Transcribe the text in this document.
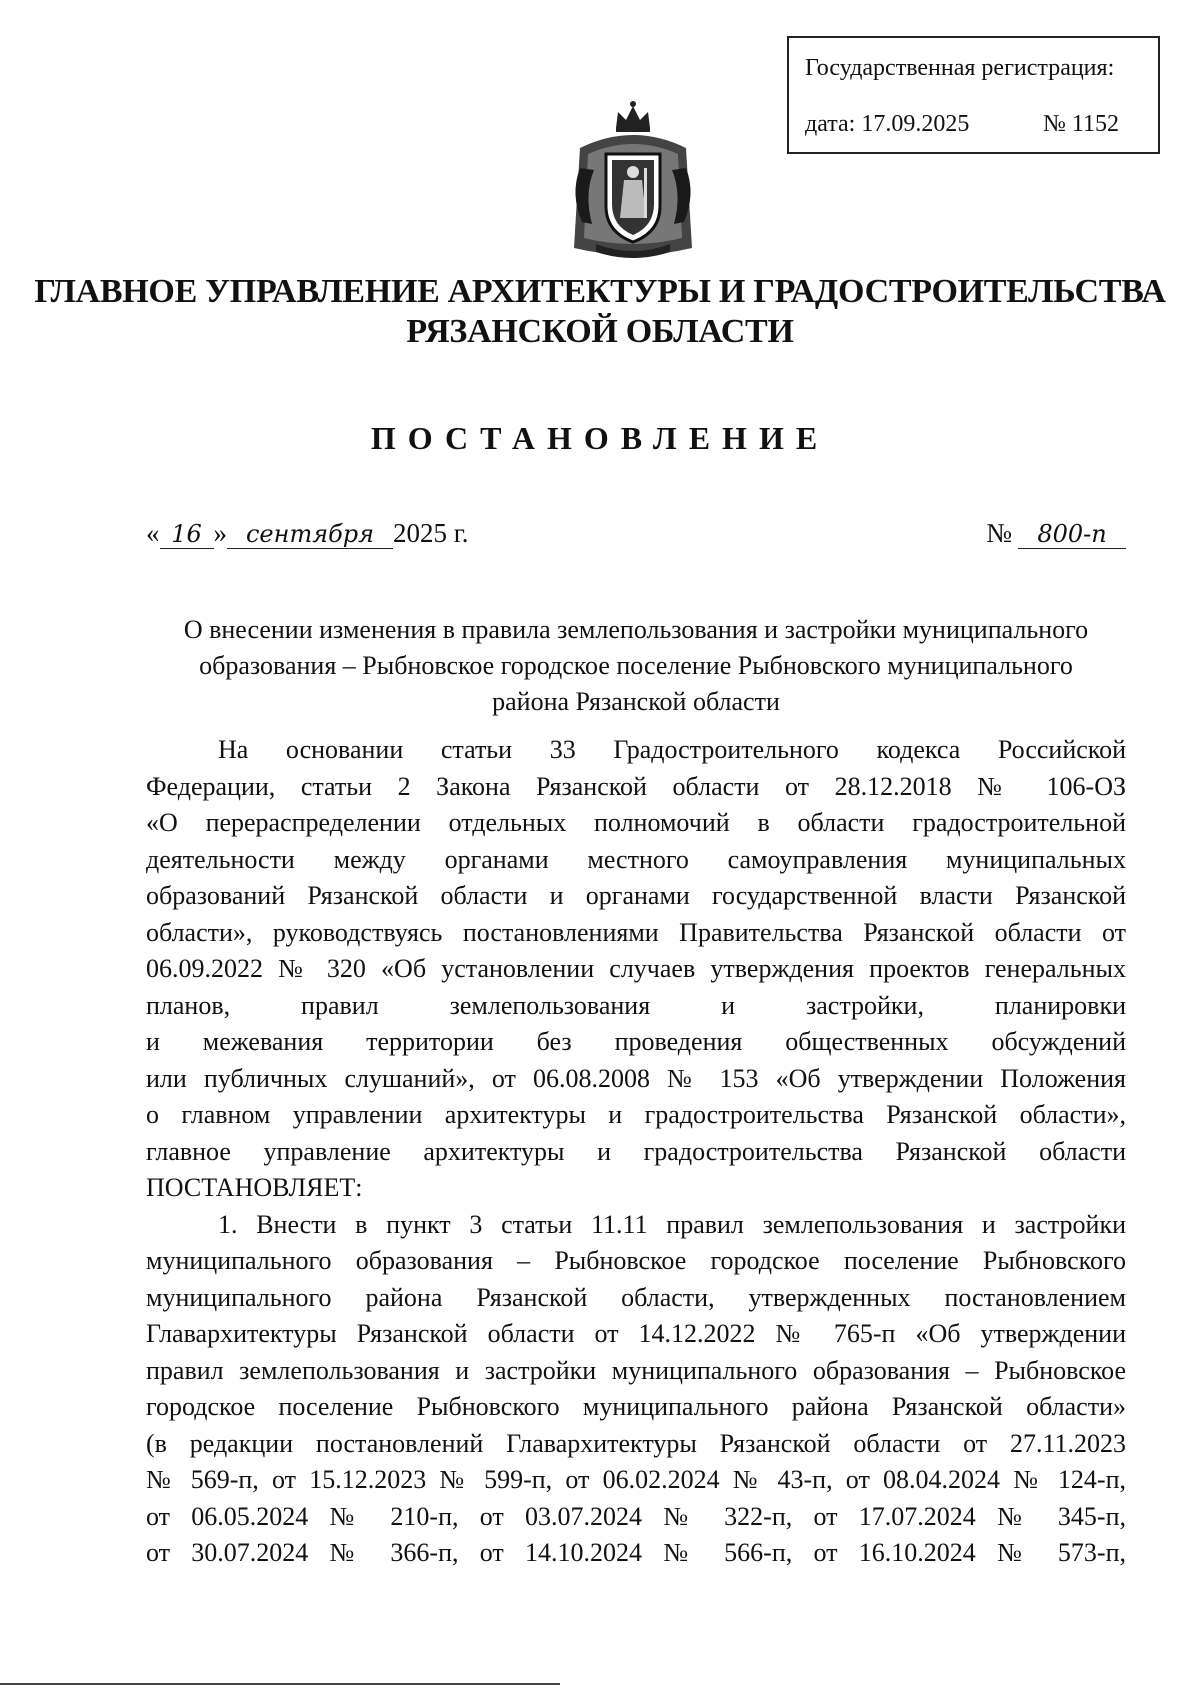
Государственная регистрация:
дата: 17.09.2025	№ 1152
ГЛАВНОЕ УПРАВЛЕНИЕ АРХИТЕКТУРЫ И ГРАДОСТРОИТЕЛЬСТВА
РЯЗАНСКОЙ ОБЛАСТИ
ПОСТАНОВЛЕНИЕ
« 16 » сентября 2025 г.	№ 800-п
О внесении изменения в правила землепользования и застройки муниципального
образования – Рыбновское городское поселение Рыбновского муниципального
района Рязанской области
На основании статьи 33 Градостроительного кодекса Российской
Федерации, статьи 2 Закона Рязанской области от 28.12.2018 № 106-ОЗ
«О перераспределении отдельных полномочий в области градостроительной
деятельности между органами местного самоуправления муниципальных
образований Рязанской области и органами государственной власти Рязанской
области», руководствуясь постановлениями Правительства Рязанской области от
06.09.2022 № 320 «Об установлении случаев утверждения проектов генеральных
планов, правил землепользования и застройки, планировки
и межевания территории без проведения общественных обсуждений
или публичных слушаний», от 06.08.2008 № 153 «Об утверждении Положения
о главном управлении архитектуры и градостроительства Рязанской области»,
главное управление архитектуры и градостроительства Рязанской области
ПОСТАНОВЛЯЕТ:
1. Внести в пункт 3 статьи 11.11 правил землепользования и застройки
муниципального образования – Рыбновское городское поселение Рыбновского
муниципального района Рязанской области, утвержденных постановлением
Главархитектуры Рязанской области от 14.12.2022 № 765-п «Об утверждении
правил землепользования и застройки муниципального образования – Рыбновское
городское поселение Рыбновского муниципального района Рязанской области»
(в редакции постановлений Главархитектуры Рязанской области от 27.11.2023
№ 569-п, от 15.12.2023 № 599-п, от 06.02.2024 № 43-п, от 08.04.2024 № 124-п,
от 06.05.2024 № 210-п, от 03.07.2024 № 322-п, от 17.07.2024 № 345-п,
от 30.07.2024 № 366-п, от 14.10.2024 № 566-п, от 16.10.2024 № 573-п,
